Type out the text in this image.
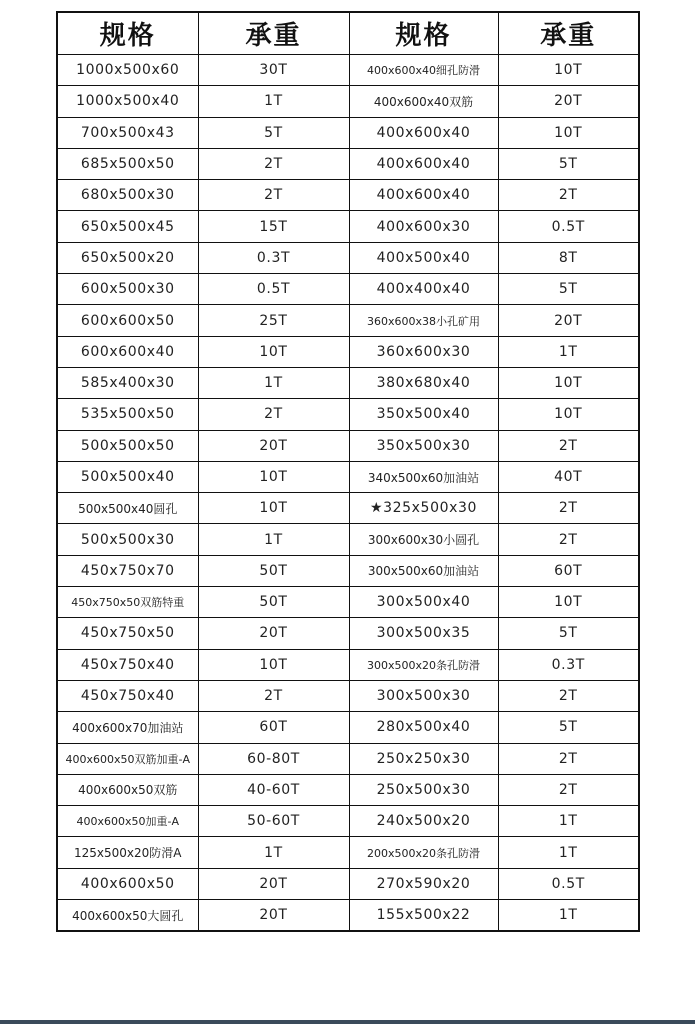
规格	承重	规格	承重
1000x500x60	30T	400x600x40细孔防滑	10T
1000x500x40	1T	400x600x40双筋	20T
700x500x43	5T	400x600x40	10T
685x500x50	2T	400x600x40	5T
680x500x30	2T	400x600x40	2T
650x500x45	15T	400x600x30	0.5T
650x500x20	0.3T	400x500x40	8T
600x500x30	0.5T	400x400x40	5T
600x600x50	25T	360x600x38小孔矿用	20T
600x600x40	10T	360x600x30	1T
585x400x30	1T	380x680x40	10T
535x500x50	2T	350x500x40	10T
500x500x50	20T	350x500x30	2T
500x500x40	10T	340x500x60加油站	40T
500x500x40圆孔	10T	★325x500x30	2T
500x500x30	1T	300x600x30小圆孔	2T
450x750x70	50T	300x500x60加油站	60T
450x750x50双筋特重	50T	300x500x40	10T
450x750x50	20T	300x500x35	5T
450x750x40	10T	300x500x20条孔防滑	0.3T
450x750x40	2T	300x500x30	2T
400x600x70加油站	60T	280x500x40	5T
400x600x50双筋加重-A	60-80T	250x250x30	2T
400x600x50双筋	40-60T	250x500x30	2T
400x600x50加重-A	50-60T	240x500x20	1T
125x500x20防滑A	1T	200x500x20条孔防滑	1T
400x600x50	20T	270x590x20	0.5T
400x600x50大圆孔	20T	155x500x22	1T
